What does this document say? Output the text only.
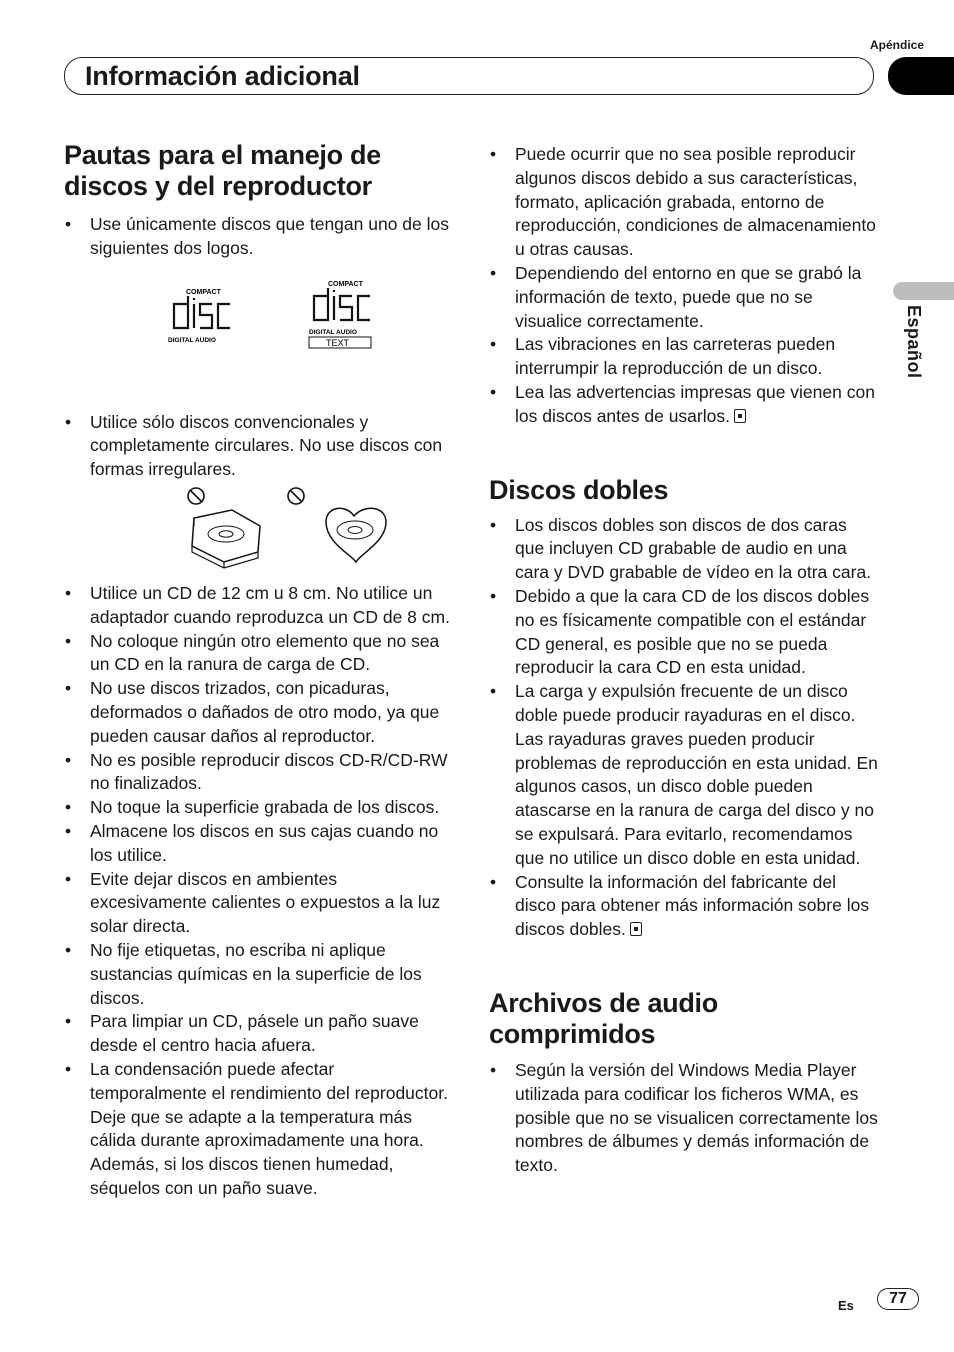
Apéndice
Información adicional
Español
Pautas para el manejo de discos y del reproductor
• Use únicamente discos que tengan uno de los siguientes dos logos.
COMPACT
DIGITAL AUDIO
COMPACT
DIGITAL AUDIO
TEXT
• Utilice sólo discos convencionales y completamente circulares. No use discos con formas irregulares.
• Utilice un CD de 12 cm u 8 cm. No utilice un adaptador cuando reproduzca un CD de 8 cm.
• No coloque ningún otro elemento que no sea un CD en la ranura de carga de CD.
• No use discos trizados, con picaduras, deformados o dañados de otro modo, ya que pueden causar daños al reproductor.
• No es posible reproducir discos CD-R/CD-RW no finalizados.
• No toque la superficie grabada de los discos.
• Almacene los discos en sus cajas cuando no los utilice.
• Evite dejar discos en ambientes excesivamente calientes o expuestos a la luz solar directa.
• No fije etiquetas, no escriba ni aplique sustancias químicas en la superficie de los discos.
• Para limpiar un CD, pásele un paño suave desde el centro hacia afuera.
• La condensación puede afectar temporalmente el rendimiento del reproductor. Deje que se adapte a la temperatura más cálida durante aproximadamente una hora. Además, si los discos tienen humedad, séquelos con un paño suave.
• Puede ocurrir que no sea posible reproducir algunos discos debido a sus características, formato, aplicación grabada, entorno de reproducción, condiciones de almacenamiento u otras causas.
• Dependiendo del entorno en que se grabó la información de texto, puede que no se visualice correctamente.
• Las vibraciones en las carreteras pueden interrumpir la reproducción de un disco.
• Lea las advertencias impresas que vienen con los discos antes de usarlos.
Discos dobles
• Los discos dobles son discos de dos caras que incluyen CD grabable de audio en una cara y DVD grabable de vídeo en la otra cara.
• Debido a que la cara CD de los discos dobles no es físicamente compatible con el estándar CD general, es posible que no se pueda reproducir la cara CD en esta unidad.
• La carga y expulsión frecuente de un disco doble puede producir rayaduras en el disco. Las rayaduras graves pueden producir problemas de reproducción en esta unidad. En algunos casos, un disco doble pueden atascarse en la ranura de carga del disco y no se expulsará. Para evitarlo, recomendamos que no utilice un disco doble en esta unidad.
• Consulte la información del fabricante del disco para obtener más información sobre los discos dobles.
Archivos de audio comprimidos
• Según la versión del Windows Media Player utilizada para codificar los ficheros WMA, es posible que no se visualicen correctamente los nombres de álbumes y demás información de texto.
Es	77
